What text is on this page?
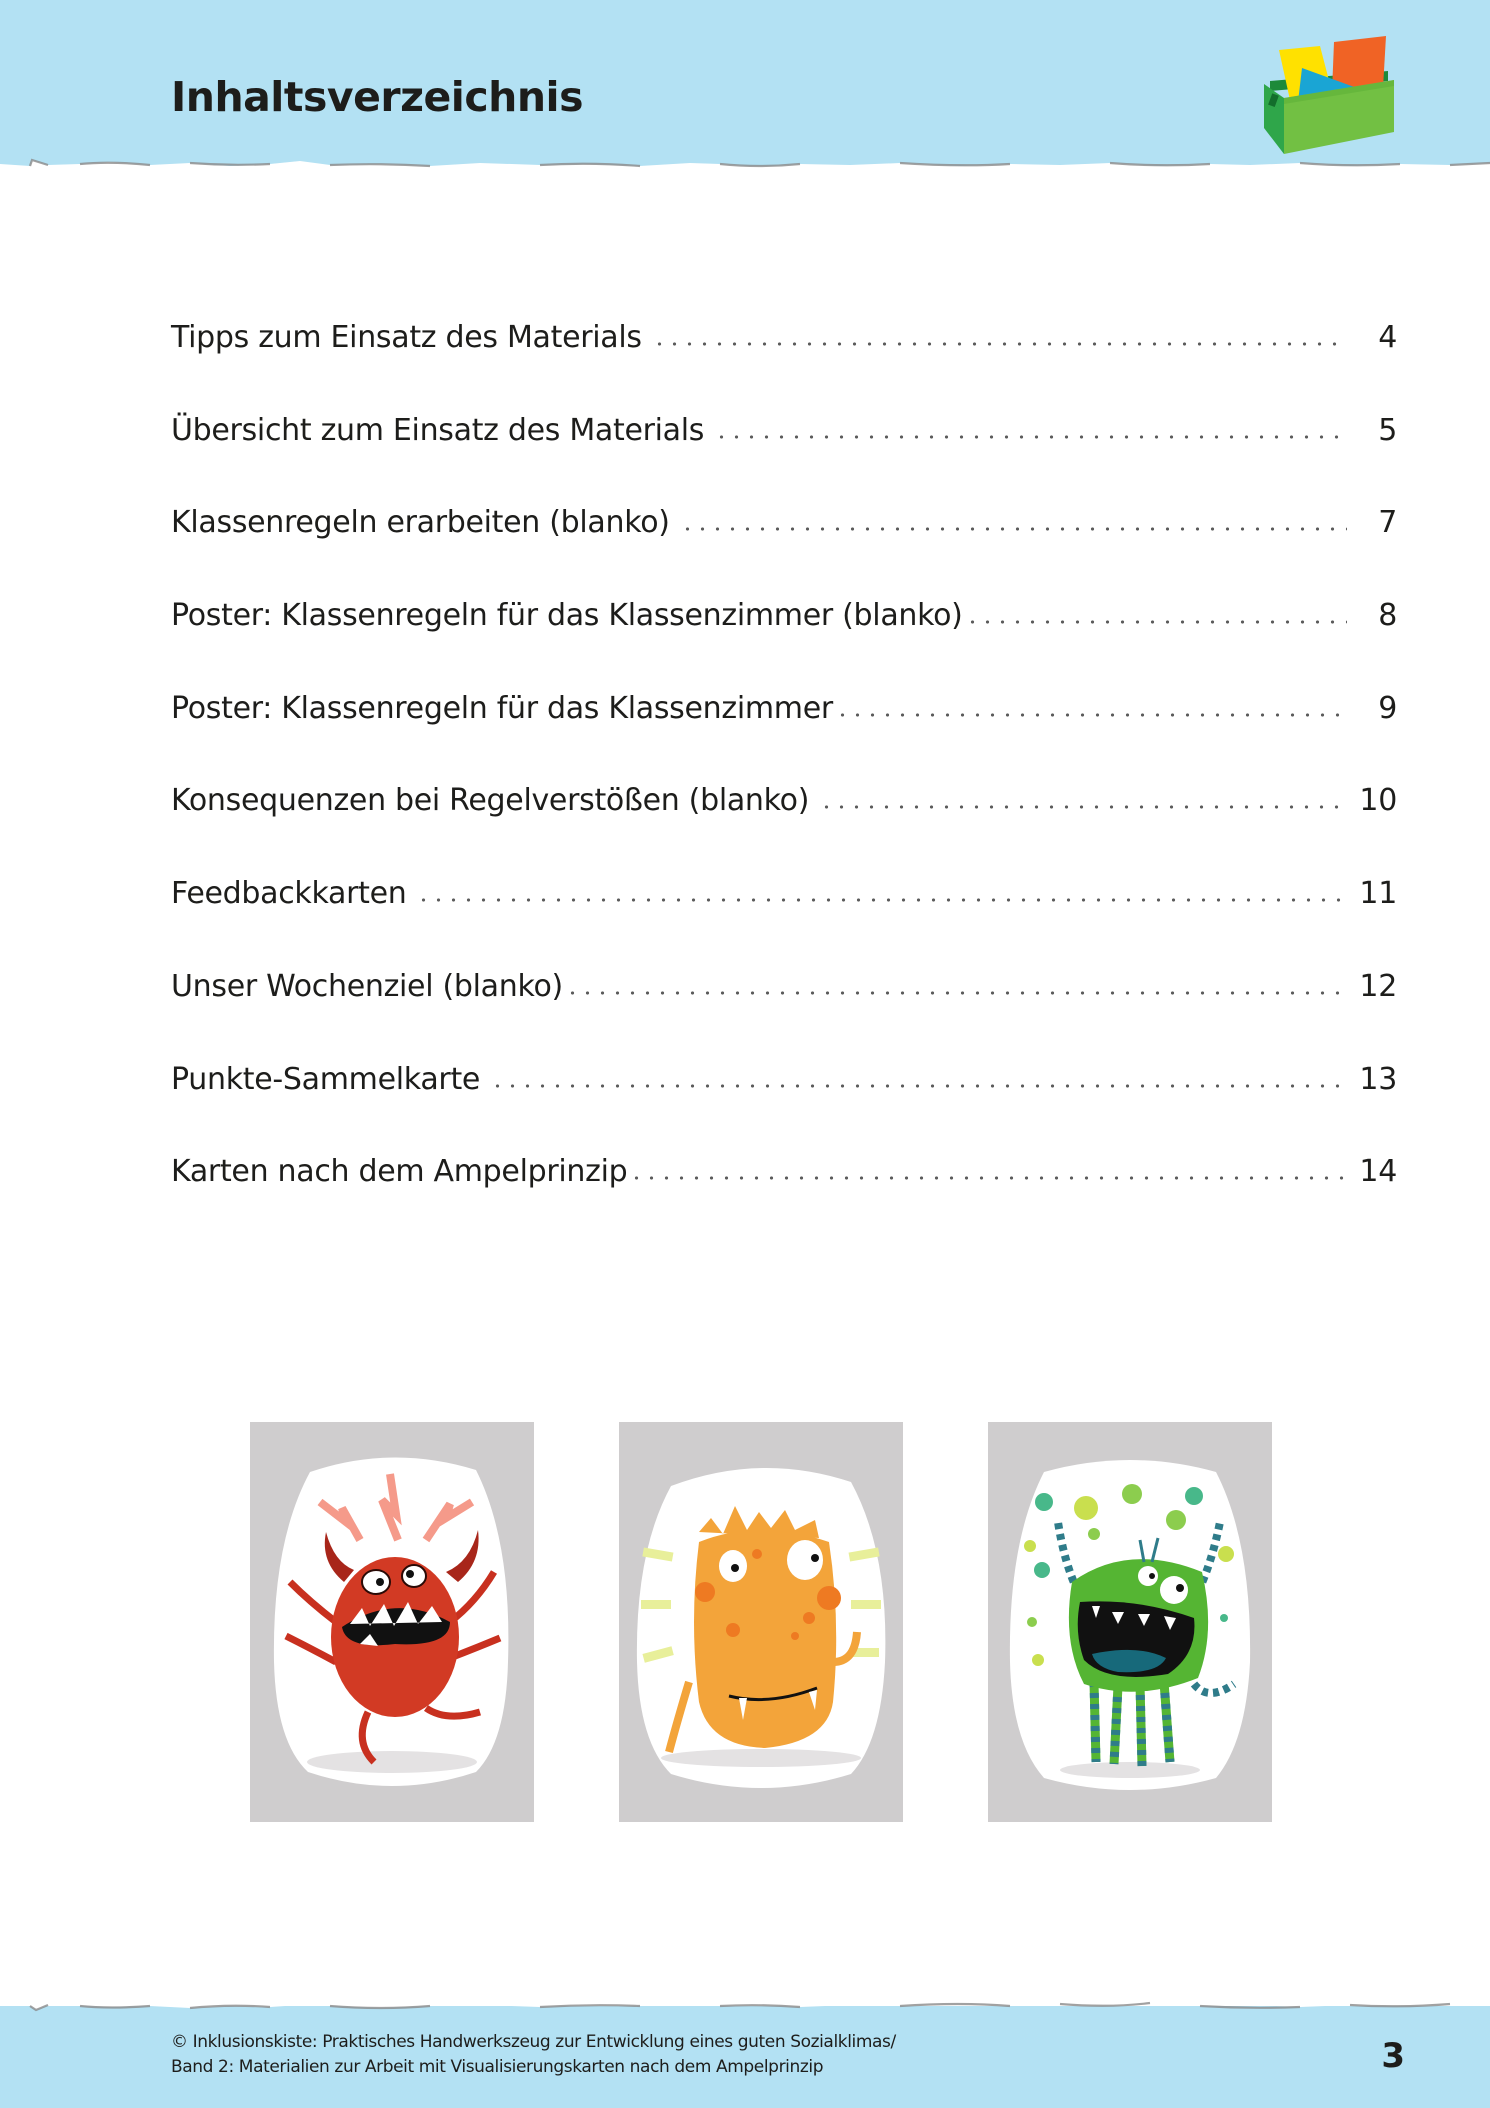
Inhaltsverzeichnis
Tipps zum Einsatz des Materials	4
Übersicht zum Einsatz des Materials	5
Klassenregeln erarbeiten (blanko)	7
Poster: Klassenregeln für das Klassenzimmer (blanko)	8
Poster: Klassenregeln für das Klassenzimmer	9
Konsequenzen bei Regelverstößen (blanko)	10
Feedbackkarten	11
Unser Wochenziel (blanko)	12
Punkte-Sammelkarte	13
Karten nach dem Ampelprinzip	14
© Inklusionskiste: Praktisches Handwerkszeug zur Entwicklung eines guten Sozialklimas/
Band 2: Materialien zur Arbeit mit Visualisierungskarten nach dem Ampelprinzip	3
